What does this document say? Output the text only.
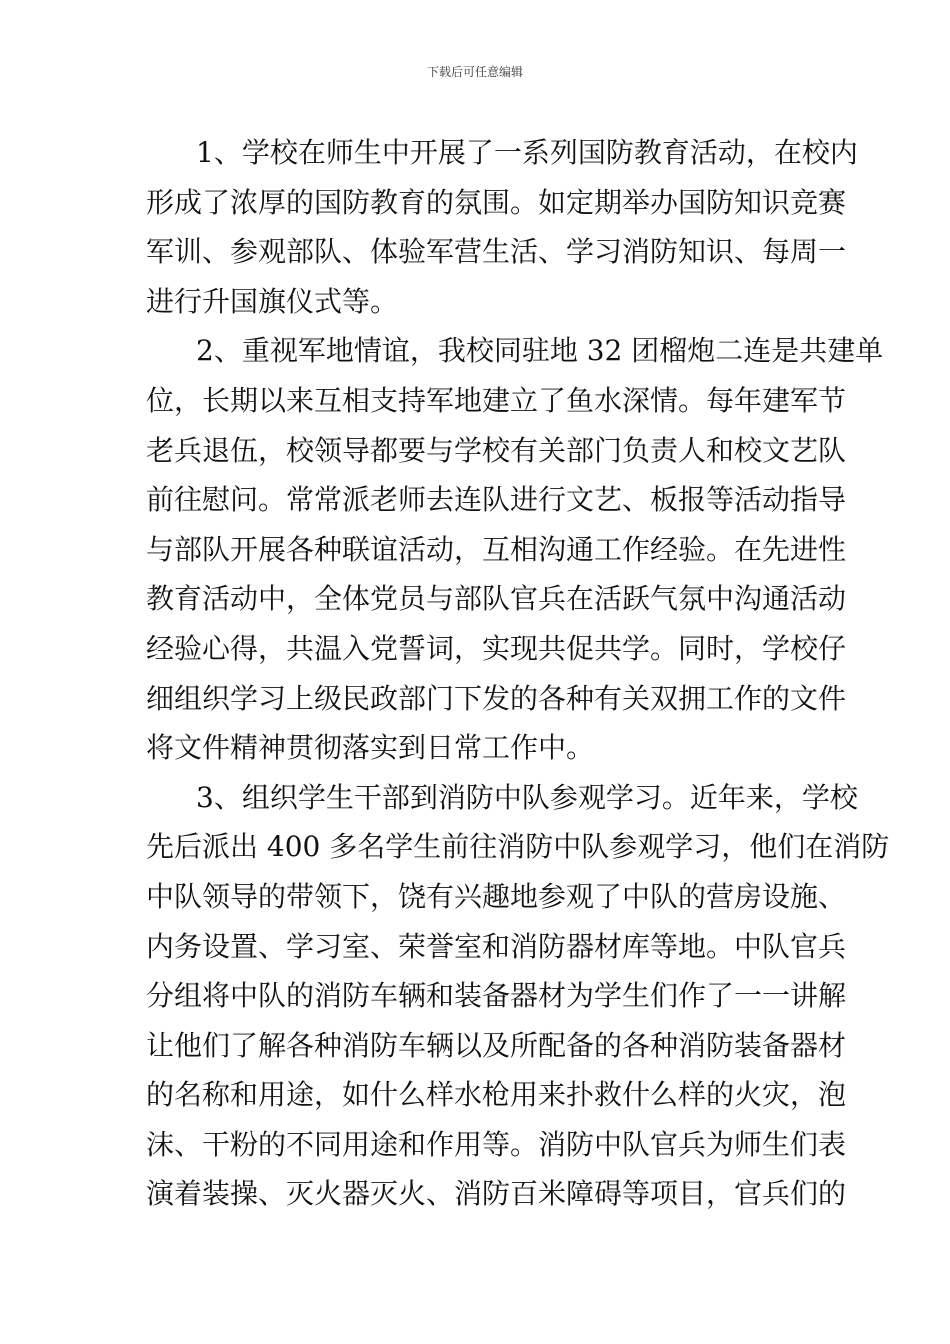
下载后可任意编辑
1、学校在师生中开展了一系列国防教育活动，在校内
形成了浓厚的国防教育的氛围。如定期举办国防知识竞赛
军训、参观部队、体验军营生活、学习消防知识、每周一
进行升国旗仪式等。
2、重视军地情谊，我校同驻地 32 团榴炮二连是共建单
位，长期以来互相支持军地建立了鱼水深情。每年建军节
老兵退伍，校领导都要与学校有关部门负责人和校文艺队
前往慰问。常常派老师去连队进行文艺、板报等活动指导
与部队开展各种联谊活动，互相沟通工作经验。在先进性
教育活动中，全体党员与部队官兵在活跃气氛中沟通活动
经验心得，共温入党誓词，实现共促共学。同时，学校仔
细组织学习上级民政部门下发的各种有关双拥工作的文件
将文件精神贯彻落实到日常工作中。
3、组织学生干部到消防中队参观学习。近年来，学校
先后派出 400 多名学生前往消防中队参观学习，他们在消防
中队领导的带领下，饶有兴趣地参观了中队的营房设施、
内务设置、学习室、荣誉室和消防器材库等地。中队官兵
分组将中队的消防车辆和装备器材为学生们作了一一讲解
让他们了解各种消防车辆以及所配备的各种消防装备器材
的名称和用途，如什么样水枪用来扑救什么样的火灾，泡
沫、干粉的不同用途和作用等。消防中队官兵为师生们表
演着装操、灭火器灭火、消防百米障碍等项目，官兵们的
